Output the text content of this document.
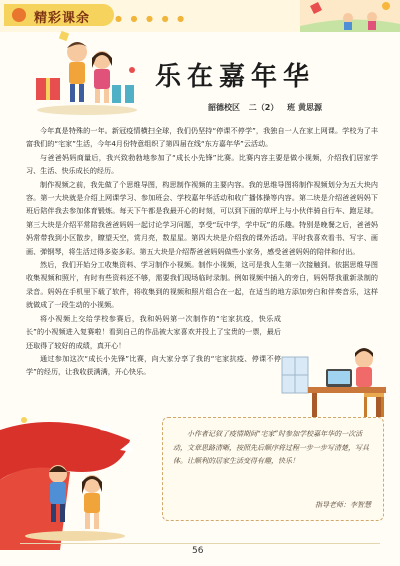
精彩课余	● ● ● ● ●
乐在嘉年华
韶德校区 二（2） 班 黄思源

今年真是特殊的一年。新冠疫情横扫全球，我们仍坚持“停课不停学”，我独自一人在家上网课。学校为了丰富我们的“宅家”生活，今年4月份特意组织了第四届在线“东方嘉年华”云活动。

与爸爸妈妈商量后，我兴致勃勃地参加了“成长小先锋”比赛。比赛内容主要是做小视频，介绍我们居家学习、生活、快乐成长的经历。

制作视频之前，我先做了个思维导图，构思制作视频的主要内容。我的思维导图将制作视频划分为五大块内容。第一大块就是介绍上网课学习、参加班会、学校嘉年华活动和收广播体操等内容。第二块是介绍爸爸妈妈下班后陪伴我去参加体育锻炼。每天下午都是我最开心的时刻，可以到下面的草坪上与小伙伴骑自行车、跑足球。第三大块是介绍平常陪我爸爸妈妈一起讨论学习问题，享受“玩中学，学中玩”的乐趣。特别是晚餐之后，爸爸妈妈常带我到小区散步，瞭望天空，赏月亮，数星星。第四大块是介绍我的课外活动。平时我喜欢看书、写字、画画、弹钢琴，将生活过得多姿多彩。第五大块是介绍帮爸爸妈妈做些小家务，感受爸爸妈妈的陪伴和付出。

然后，我们开始分工收集资料、学习制作小视频。制作小视频，这可是我人生第一次接触到。依据思维导图收集视频和照片，有时有些资料还不够，需要我们现场临时录制。例如视频中插入的旁白，妈妈帮我重新录制的录音。妈妈在手机里下载了软件，将收集到的视频和照片组合在一起，在适当的地方添加旁白和伴奏音乐，这样就做成了一段生动的小视频。

将小视频上交给学校参赛后，我和妈妈第一次制作的“宅家抗疫，快乐成长”的小视频进入复赛啦！看到自己的作品被大家喜欢并投上了宝贵的一票，最后还取得了较好的成绩，真开心！

通过参加这次“成长小先锋”比赛，向大家分享了我的“宅家抗疫、停课不停学”的经历，让我收获满满，开心快乐。

小作者记叙了疫情期间“宅家”时参加学校嘉年华的一次活动，文章思路清晰，按照先后顺序将过程一步一步写清楚，写具体。让顺利的居家生活变得有趣，快乐！

指导老师：李智慧
56
